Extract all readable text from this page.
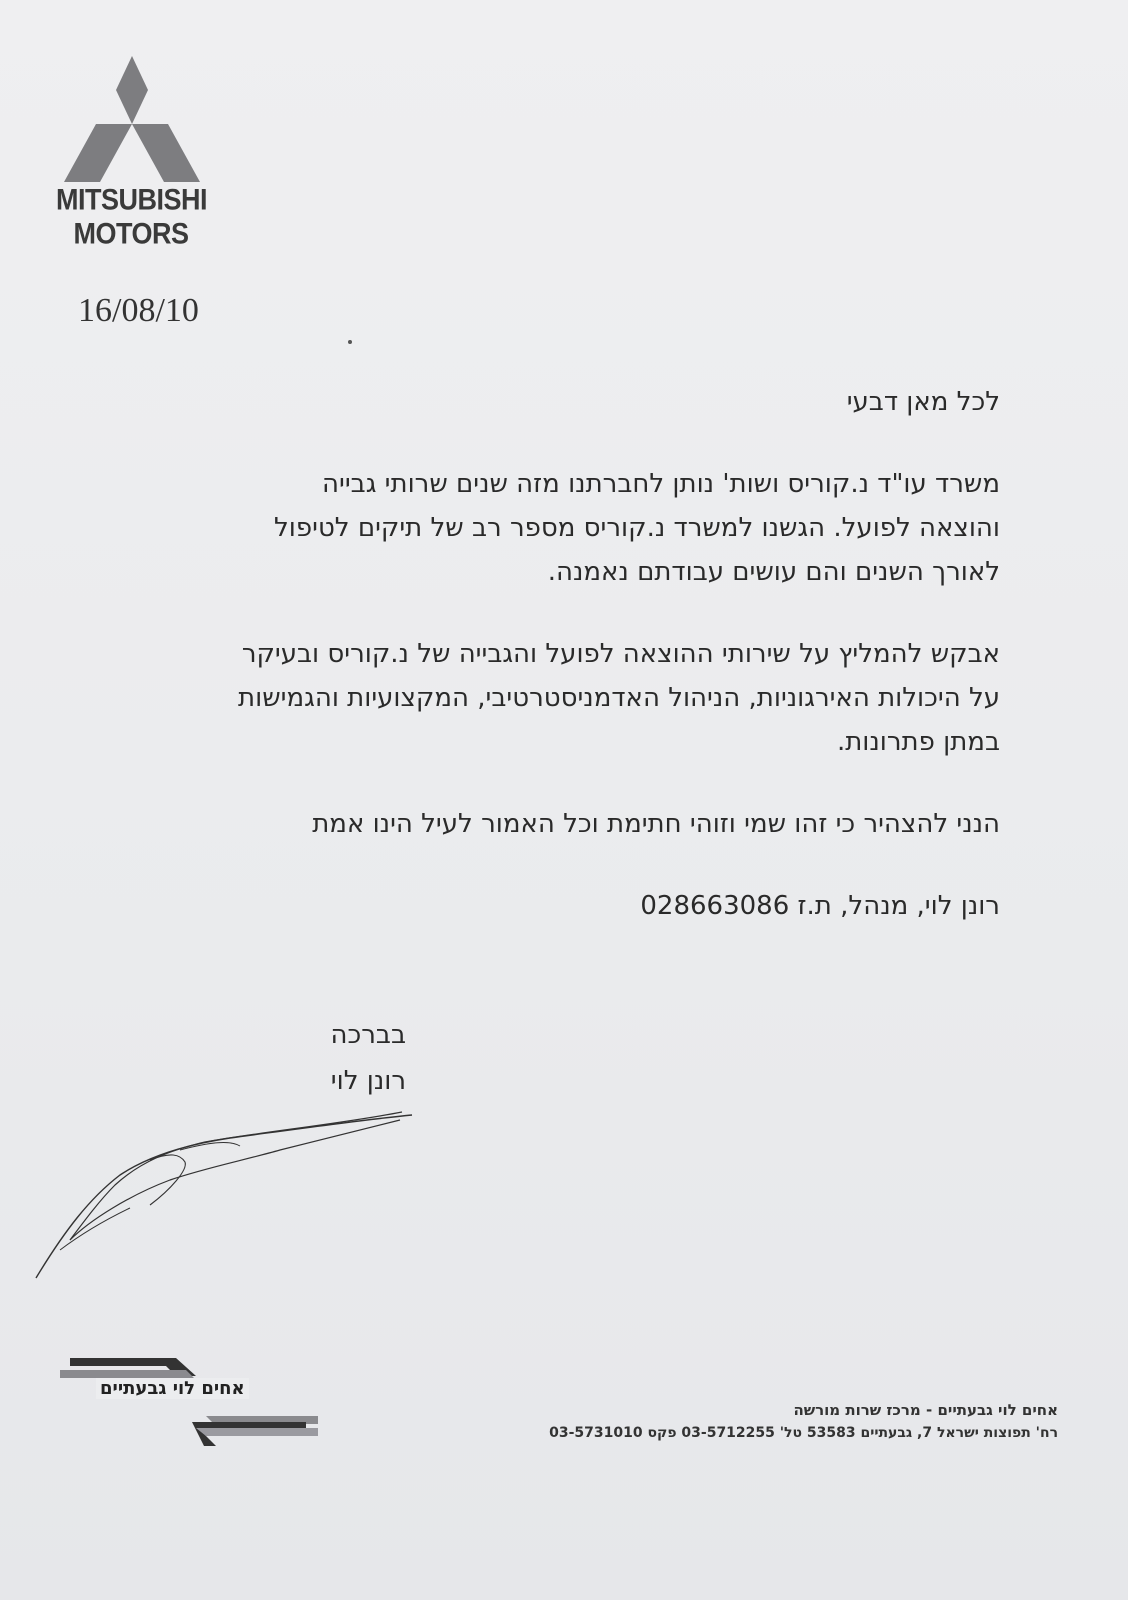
MITSUBISHI
MOTORS
16/08/10

לכל מאן דבעי

משרד עו"ד נ.קוריס ושות' נותן לחברתנו מזה שנים שרותי גבייה
והוצאה לפועל. הגשנו למשרד נ.קוריס מספר רב של תיקים לטיפול
לאורך השנים והם עושים עבודתם נאמנה.

אבקש להמליץ על שירותי ההוצאה לפועל והגבייה של נ.קוריס ובעיקר
על היכולות האירגוניות, הניהול האדמניסטרטיבי, המקצועיות והגמישות
במתן פתרונות.

הנני להצהיר כי זהו שמי וזוהי חתימת וכל האמור לעיל הינו אמת

רונן לוי, מנהל, ת.ז 028663086

בברכה
רונן לוי
אחים לוי גבעתיים
אחים לוי גבעתיים - מרכז שרות מורשה
רח' תפוצות ישראל 7, גבעתיים 53583 טל' 03-5712255 פקס 03-5731010
